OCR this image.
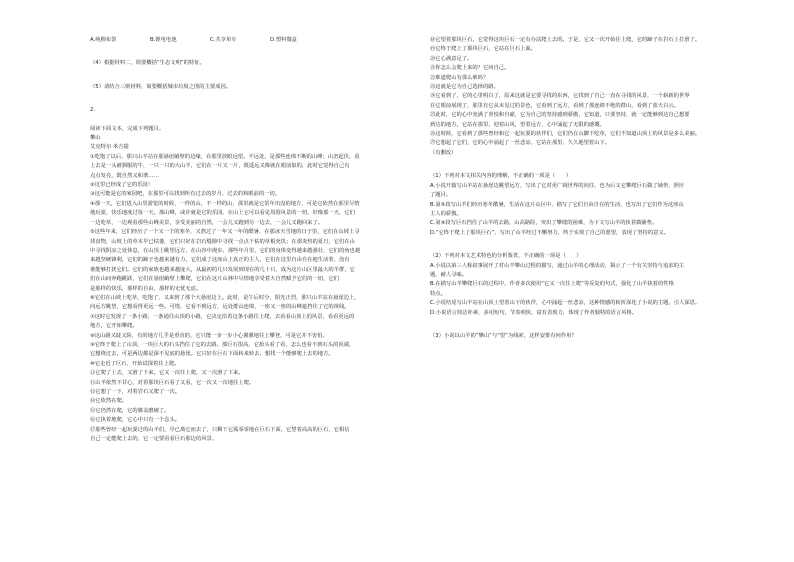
A.纯棉布袋	B.锂电电池	C.共享单车	D.塑料餐盒

（4）根据材料二，简要概括“生态文明”的特征。

（5）请结合三则材料，简要概括城市垃圾之围的主要成因。

2.

阅读下面文本，完成下列题目。

攀山

艾克特尔·米吉提

①吃饱了以后，那只山羊站在那悬崖峭壁的边缘，在那里放眼远望。不远处，是那些连绵不断的山峰；山峦起伏，看

上去是一头被驯服的牛，一只一只的大山羊，它们在一片又一片，既遥远又像就在眼前似的，此时它觉得自己有

点点发亮，既自然又和谐……

②这里已经成了它的乐园！

③这可能是它的家园吧，在那里可以找到所有过去的岁月、过去的和眼前的一切。

④那一天，它们进入山里游览的时候，一样的山，不一样的山，那里就是它常年出没的地方，可是它依然在那里尽情

地玩耍，快乐地度过每一天。那山峰，或许就是它的乐园，在山上它可以看见周围风景的一切，好像那一天，它们

一边吃草，一边观看那些山峰美景，享受美丽的自然，一会儿又跑到另一边去，一会儿又跑回来了。

⑤这些年来，它们经历了一个又一个的寒冬，又熬过了一年又一年的酷暑，在那冰天雪地的日子里，它们在山坡上寻

找食物，山坡上的草木早已枯萎，它们只好在岩石缝隙中寻找一点点干枯的草根充饥；在那炎热的夏日，它们在山

中寻找阴凉之处休息，在山顶上眺望远方，在山谷中漫步。那些年月里，它们的身体变得越来越强壮，它们的角也越

来越坚硬锋利，它们的蹄子也越来越有力，它们成了这座山上真正的主人，它们在这里自由自在地生活着，没有

谁能够打扰它们。它们的家族也越来越庞大，从最初的几只发展到现在的几十只，成为这片山区里最大的羊群，它

们在山间奔跑跳跃，它们在悬崖峭壁上攀爬，它们在这片山林中尽情地享受着大自然赋予它们的一切，它们

是那样的快乐，那样的自由，那样的无忧无虑。

⑥它们在山坡上吃草，吃饱了，又来到了那个大悬崖边上。此时，是午后时分，阳光正烈，那只山羊站在悬崖边上，

向远方眺望，它想看得更远一些。可惜，它看不到远方，远处群山连绵，一座又一座的山峰遮挡住了它的视线。

⑦这时它发现了一条小路，一条通往山顶的小路，它决定沿着这条小路往上爬，去看看山顶上的风景，看看更远的

地方，它开始攀爬。

⑧这山路又陡又险，有的地方几乎是垂直的，它只能一步一步小心翼翼地往上攀登，可是它并不害怕。

⑨它终于爬上了山顶，一块巨大的石头挡住了它的去路。那巨石很高，它抬头看了看，怎么也看不到石头的顶端，

它想绕过去，可是两边都是深不见底的悬崖。它只好在巨石下面转来转去，想找一个能够爬上去的地方。

⑩它走近了巨石，开始试探着往上爬。

⑪它爬了上去，又滑了下来。它又一次往上爬，又一次滑了下来。

⑫山羊依然不甘心，对着那块巨石看了又看，它一次又一次地往上爬。

⑬它想了一下，对着岩石又爬了一次。

⑭它依然在爬。

⑮它仍然在爬，它的膝盖磨破了。

⑯它执着地爬，它心中只有一个念头。

⑰那些曾经一起玩耍过的山羊们，早已离它而去了，只剩下它孤零零地在巨石下面，它望着高高的巨石，它相信

自己一定能爬上去的，它一定要看看巨石那边的风景。

⑱它望着那块巨石，它觉得这块巨石一定有办法爬上去的。于是，它又一次开始往上爬，它的蹄子在岩石上打滑了。

⑲它终于爬上了那块巨石，它站在巨石上面。

⑳它心满意足了。

㉑你怎么会爬上来的？它问自己。

㉒难道爬山有那么难吗？

㉓这就是它为自己选择的路。

㉔它看到了，它的心里明白了，原来这就是它要寻找的东西，它找到了自己一直在寻找的风景，一个崭新的世界

在它眼前展现了，那里有它从未见过的景色，它看到了远方，看到了那连绵不绝的群山，看到了蓝天白云。

㉕此时，它的心中充满了喜悦和自豪，它为自己的坚持感到骄傲，它知道，只要坚持，就一定能够到达自己想要

到达的地方。它站在那里，迎着山风，望着远方，心中涌起了无限的感慨。

㉖这时候，它看到了那些曾经和它一起玩耍的伙伴们，它们仍在山脚下吃草，它们不知道山顶上的风景是多么美丽。

㉗它想起了它们，它的心中涌起了一丝悲凉，它站在那里，久久地望着山下。

（有删改）

（1）下列对本文相关内容的理解，不正确的一项是（　　）

A.小说开篇写山羊站在悬崖边眺望远方，写出了它对更广阔世界的向往，也为后文它攀爬巨石做了铺垫，照应

了题目。

B.第⑤段写山羊们经历寒冬酷暑，生活在这片山区中，描写了它们自由自在的生活，也写出了它们作为这座山

主人的骄傲。

C.第⑨段写巨石挡住了山羊的去路，山高路险，突出了攀爬的困难，为下文写山羊的执着做铺垫。

D.“它终于爬上了那块巨石”，写出了山羊经过不懈努力，终于实现了自己的愿望，表现了坚持的意义。

（2）下列对本文艺术特色的分析鉴赏，不正确的一项是（　　）

A.小说以第三人称叙事展开了对山羊攀山过程的描写，通过山羊的心理活动，揭示了一个有关坚持与追求的主

题，耐人寻味。

B.在描写山羊攀爬巨石的过程中，作者多次使用“它又一次往上爬”等反复的句式，强化了山羊执着的性格

特点。

C.小说结尾写山羊站在山顶上望着山下的伙伴，心中涌起一丝悲凉，这种情感的转折深化了小说的主题，引人深思。

D.小说语言简洁朴素，多用短句，节奏明快，富有表现力，体现了作者独特的语言风格。

（3）小说以山羊的“攀山”与“望”为线索，这样安排有何作用？
